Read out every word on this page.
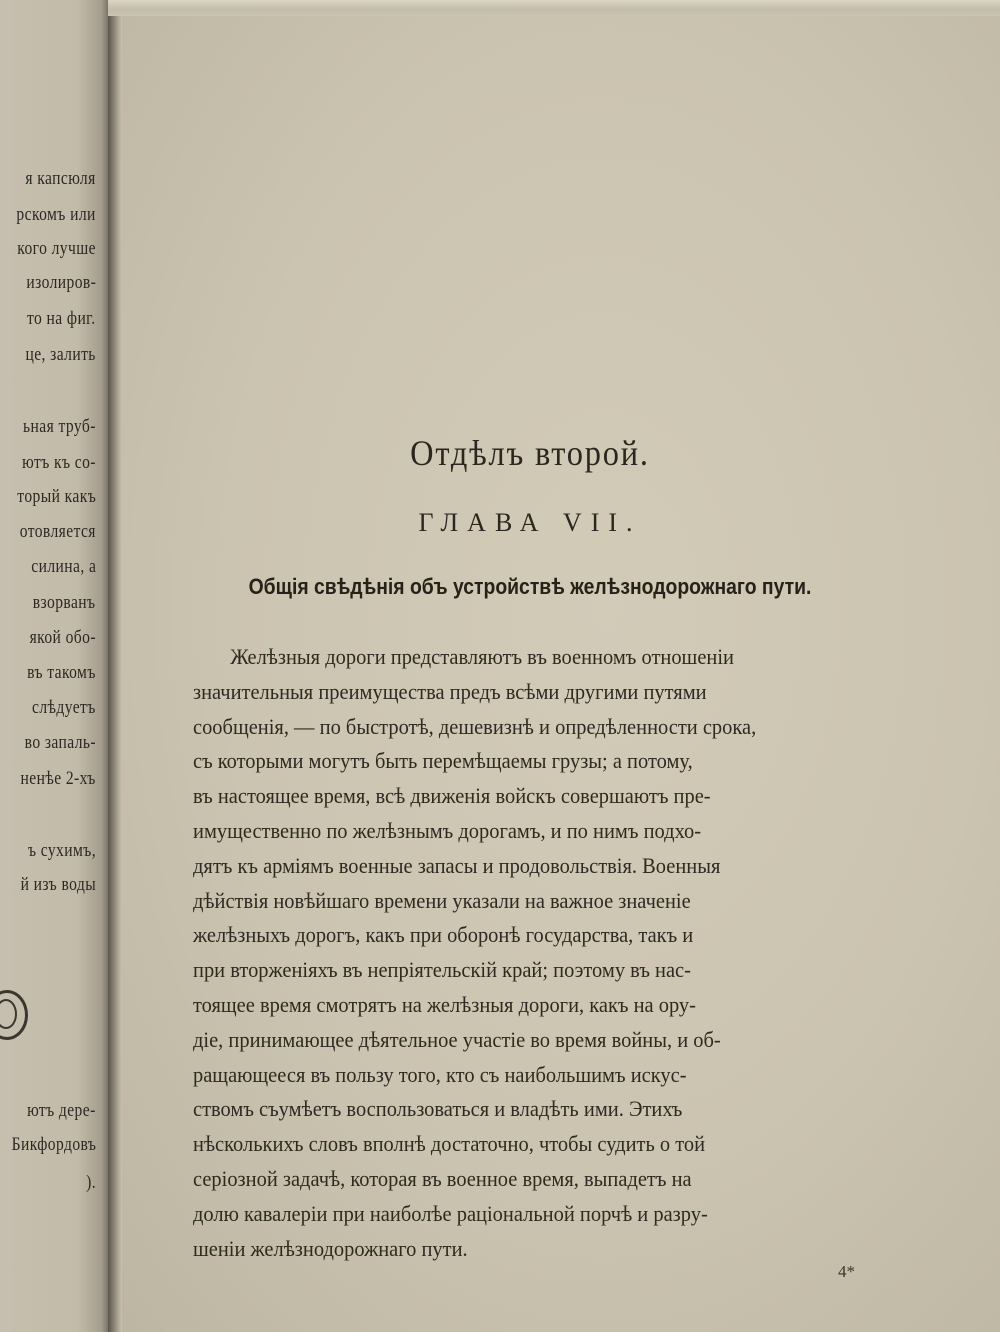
я капсюля
рскомъ или
кого лучше
изолиров-
то на фиг.
це, залить
ьная труб-
ютъ къ со-
торый какъ
отовляется
силина, а
взорванъ
якой обо-
въ такомъ
слѣдуетъ
во запаль-
ненѣе 2-хъ
ъ сухимъ,
й изъ воды
ютъ дере-
Бикфордовъ
).
Отдѣлъ второй.
ГЛАВА VII.
Общія свѣдѣнія объ устройствѣ желѣзнодорожнаго пути.
Желѣзныя дороги представляютъ въ военномъ отношеніи
значительныя преимущества предъ всѣми другими путями
сообщенія, — по быстротѣ, дешевизнѣ и опредѣленности срока,
съ которыми могутъ быть перемѣщаемы грузы; а потому,
въ настоящее время, всѣ движенія войскъ совершаютъ пре-
имущественно по желѣзнымъ дорогамъ, и по нимъ подхо-
дятъ къ арміямъ военные запасы и продовольствія. Военныя
дѣйствія новѣйшаго времени указали на важное значеніе
желѣзныхъ дорогъ, какъ при оборонѣ государства, такъ и
при вторженіяхъ въ непріятельскій край; поэтому въ нас-
тоящее время смотрятъ на желѣзныя дороги, какъ на ору-
діе, принимающее дѣятельное участіе во время войны, и об-
ращающееся въ пользу того, кто съ наибольшимъ искус-
ствомъ съумѣетъ воспользоваться и владѣть ими. Этихъ
нѣсколькихъ словъ вполнѣ достаточно, чтобы судить о той
серіозной задачѣ, которая въ военное время, выпадетъ на
долю кавалеріи при наиболѣе раціональной порчѣ и разру-
шеніи желѣзнодорожнаго пути.
4*
